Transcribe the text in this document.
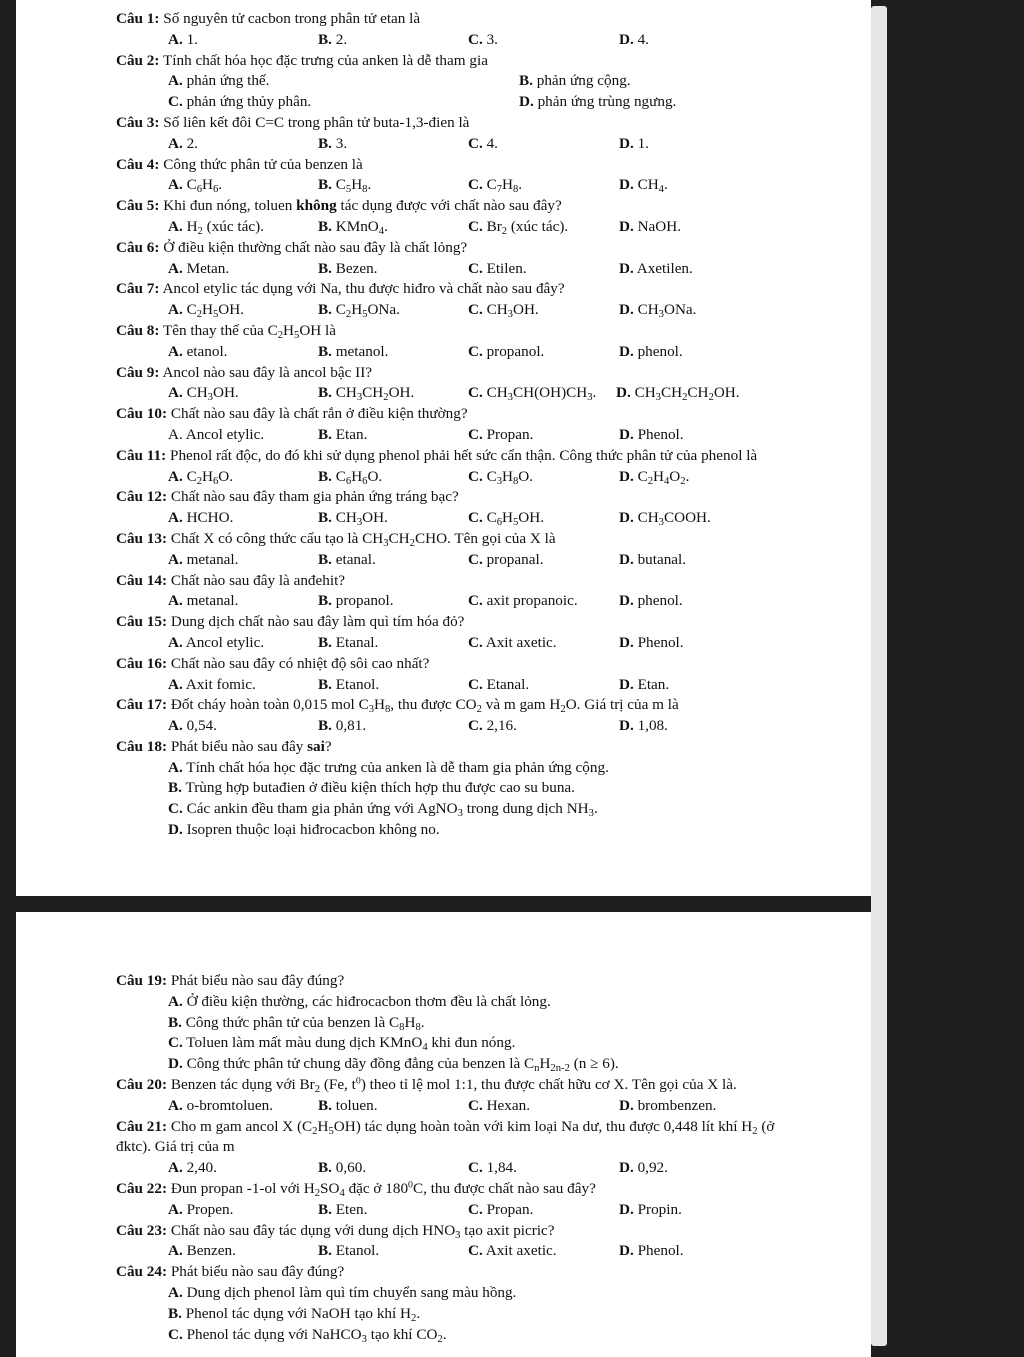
Câu 1: Số nguyên tử cacbon trong phân tử etan là
A. 1.	B. 2.	C. 3.	D. 4.
Câu 2: Tính chất hóa học đặc trưng của anken là dễ tham gia
A. phản ứng thế.	B. phản ứng cộng.
C. phản ứng thủy phân.	D. phản ứng trùng ngưng.
Câu 3: Số liên kết đôi C=C trong phân tử buta-1,3-đien là
A. 2.	B. 3.	C. 4.	D. 1.
Câu 4: Công thức phân tử của benzen là
A. $C_6H_6$.	B. $C_5H_8$.	C. $C_7H_8$.	D. $CH_4$.
Câu 5: Khi đun nóng, toluen không tác dụng được với chất nào sau đây?
A. $H_2$ (xúc tác).	B. KMnO$_4$.	C. $Br_2$ (xúc tác).	D. NaOH.
Câu 6: Ở điều kiện thường chất nào sau đây là chất lỏng?
A. Metan.	B. Bezen.	C. Etilen.	D. Axetilen.
Câu 7: Ancol etylic tác dụng với Na, thu được hiđro và chất nào sau đây?
A. $C_2H_5OH$.	B. $C_2H_5ONa$.	C. $CH_3OH$.	D. $CH_3ONa$.
Câu 8: Tên thay thế của $C_2H_5OH$ là
A. etanol.	B. metanol.	C. propanol.	D. phenol.
Câu 9: Ancol nào sau đây là ancol bậc II?
A. $CH_3OH$.	B. $CH_3CH_2OH$.	C. $CH_3CH(OH)CH_3$. D. $CH_3CH_2CH_2OH$.
Câu 10: Chất nào sau đây là chất rắn ở điều kiện thường?
A. Ancol etylic.	B. Etan.	C. Propan.	D. Phenol.
Câu 11: Phenol rất độc, do đó khi sử dụng phenol phải hết sức cẩn thận. Công thức phân tử của phenol là
A. $C_2H_6O$.	B. $C_6H_6O$.	C. $C_3H_8O$.	D. $C_2H_4O_2$.
Câu 12: Chất nào sau đây tham gia phản ứng tráng bạc?
A. HCHO.	B. $CH_3OH$.	C. $C_6H_5OH$.	D. $CH_3COOH$.
Câu 13: Chất X có công thức cấu tạo là $CH_3CH_2CHO$. Tên gọi của X là
A. metanal.	B. etanal.	C. propanal.	D. butanal.
Câu 14: Chất nào sau đây là anđehit?
A. metanal.	B. propanol.	C. axit propanoic.	D. phenol.
Câu 15: Dung dịch chất nào sau đây làm quì tím hóa đỏ?
A. Ancol etylic.	B. Etanal.	C. Axit axetic.	D. Phenol.
Câu 16: Chất nào sau đây có nhiệt độ sôi cao nhất?
A. Axit fomic.	B. Etanol.	C. Etanal.	D. Etan.
Câu 17: Đốt cháy hoàn toàn 0,015 mol $C_3H_8$, thu được $CO_2$ và m gam $H_2O$. Giá trị của m là
A. 0,54.	B. 0,81.	C. 2,16.	D. 1,08.
Câu 18: Phát biểu nào sau đây sai?
A. Tính chất hóa học đặc trưng của anken là dễ tham gia phản ứng cộng.
B. Trùng hợp butađien ở điều kiện thích hợp thu được cao su buna.
C. Các ankin đều tham gia phản ứng với AgNO$_3$ trong dung dịch $NH_3$.
D. Isopren thuộc loại hiđrocacbon không no.
Câu 19: Phát biểu nào sau đây đúng?
A. Ở điều kiện thường, các hiđrocacbon thơm đều là chất lỏng.
B. Công thức phân tử của benzen là $C_8H_8$.
C. Toluen làm mất màu dung dịch KMnO$_4$ khi đun nóng.
D. Công thức phân tử chung dãy đồng đẳng của benzen là $C_nH_{2n-2}$ (n ≥ 6).
Câu 20: Benzen tác dụng với $Br_2$ (Fe, $t^0$) theo tỉ lệ mol 1:1, thu được chất hữu cơ X. Tên gọi của X là.
A. o-bromtoluen.	B. toluen.	C. Hexan.	D. brombenzen.
Câu 21: Cho m gam ancol X $(C_2H_5OH)$ tác dụng hoàn toàn với kim loại Na dư, thu được 0,448 lít khí $H_2$ (ở đktc). Giá trị của m
A. 2,40.	B. 0,60.	C. 1,84.	D. 0,92.
Câu 22: Đun propan -1-ol với $H_2SO_4$ đặc ở $180^0C$, thu được chất nào sau đây?
A. Propen.	B. Eten.	C. Propan.	D. Propin.
Câu 23: Chất nào sau đây tác dụng với dung dịch $HNO_3$ tạo axit picric?
A. Benzen.	B. Etanol.	C. Axit axetic.	D. Phenol.
Câu 24: Phát biểu nào sau đây đúng?
A. Dung dịch phenol làm quì tím chuyển sang màu hồng.
B. Phenol tác dụng với NaOH tạo khí $H_2$.
C. Phenol tác dụng với NaHCO$_3$ tạo khí $CO_2$.
